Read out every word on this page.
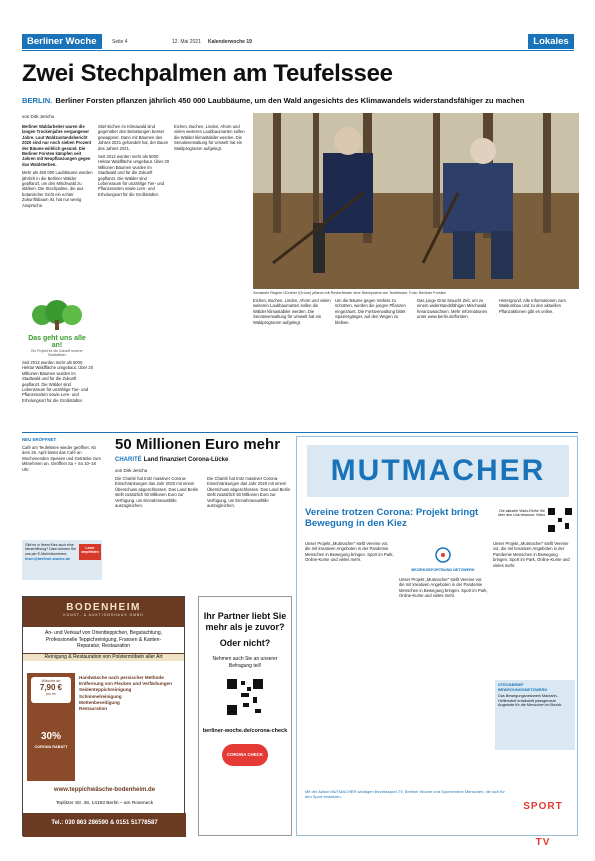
Berliner Woche	Seite 4	12. Mai 2021 Kalenderwoche 19	Lokales
Zwei Stechpalmen am Teufelssee
BERLIN. Berliner Forsten pflanzen jährlich 450 000 Laubbäume, um den Wald angesichts des Klimawandels widerstandsfähiger zu machen
von Dirk Jericho

Berliner Waldarbeiter waren die langen Trockenjahre vergangener Jahre. Laut Waldzustandsbericht 2020 sind nur noch sieben Prozent der Bäume wirklich gesund. Die Berliner Forsten kämpfen seit Jahren mit Neupflanzungen gegen das Waldsterben.

Mehr als 450 000 Laubbäume werden jährlich in die Berliner Wälder gepflanzt, um den Mischwald zu stärken. Die Stechpalme, die aus botanischer Sicht ein echter Zukunftsbaum ist, hat nur wenig Ansprüche.

Stiel-Eichen im Klimawald sind gegenüber den Belastungen besser gewappnet. Dann mit Bäumen des Jahres 2021 gehandelt hat, der Baum des Jahres 2021.

Seit 2012 wurden mehr als 5000 Hektar Waldfläche umgebaut. Über 20 Millionen Bäumen wurden im Stadtwald und für die Zukunft gepflanzt. Die Wälder sind Lebensraum für unzählige Tier- und Pflanzenarten sowie Lern- und Erholungsort für die Großstädter.

Eichen, Buchen, Linden, Ahorn und vielen weiteren Laubbaumarten sollen die Wälder klimastabiler werden. Die Senatsverwaltung für Umwelt hat ein Waldprogramm aufgelegt.

Senatorin Regine Günther (Grüne) pflanzt mit Revierförster eine Stechpalme am Teufelssee. Foto: Berliner Forsten

Eichen, Buchen, Linden, Ahorn und vielen weiteren Laubbaumarten sollen die Wälder klimastabiler werden. Die Senatsverwaltung für Umwelt hat ein Waldprogramm aufgelegt.

Um die Bäume gegen Verbiss zu schützen, werden die jungen Pflanzen eingezäunt. Die Forstverwaltung bittet Spaziergänger, auf den Wegen zu bleiben.

Das junge Grün braucht Zeit, um zu einem widerstandsfähigen Mischwald heranzuwachsen. Mehr Informationen unter www.berlin.de/forsten.

Hintergrund: Alle Informationen zum Waldumbau und zu den aktuellen Pflanzaktionen gibt es online.

Das geht uns alle an!
Ein Projekt für die Zukunft unserer Stadtwälder

Seit 2012 wurden mehr als 5000 Hektar Waldfläche umgebaut. Über 20 Millionen Bäumen wurden im Stadtwald und für die Zukunft gepflanzt. Die Wälder sind Lebensraum für unzählige Tier- und Pflanzenarten sowie Lern- und Erholungsort für die Großstädter.

NEU ERÖFFNET
Café am Teufelssee wieder geöffnet. Ab dem 26. April bietet das Café an Wochenenden Speisen und Getränke zum Mitnehmen an. Geöffnet Sa + So 10–18 Uhr.
50 Millionen Euro mehr
CHARITÉ Land finanziert Corona-Lücke
von Dirk Jericho

Die Charité hat trotz massiver Corona-Einschränkungen das Jahr 2020 mit einem Überschuss abgeschlossen. Das Land Berlin stellt zusätzlich 50 Millionen Euro zur Verfügung, um Einnahmeausfälle auszugleichen.

Die Charité hat trotz massiver Corona-Einschränkungen das Jahr 2020 mit einem Überschuss abgeschlossen. Das Land Berlin stellt zusätzlich 50 Millionen Euro zur Verfügung, um Einnahmeausfälle auszugleichen.

Gibt es in Ihrem Kiez auch eine Neueröffnung? Dann können Sie uns per E-Mail informieren:
leser@berliner-woche.de
Leser empfehlen
BODENHEIM
KUNST- & AUKTIONSHAUS GMBH
An- und Verkauf von Orientteppichen, Begutachtung,
Professionelle Teppichreinigung, Fransen & Kanten-
Reparatur, Restauration
Reinigung & Restauration von Polstermöbeln aller Art
Wäsche ab
7,90 €
pro m²
30%
CORONA RABATT
Handwäsche nach persischer Methode
Entfernung von Flecken und Verfärbungen
Seidenteppichreinigung
Schimmelreinigung
Mottenbeseitigung
Restauration
www.teppichwäsche-bodenheim.de
Teplitzer Str. 38, 14193 Berlin – am Roseneck
Tel.: 030 863 286590 & 0151 51778587
Ihr Partner liebt Sie mehr als je zuvor?
Oder nicht?
Nehmen auch Sie an unserer Befragung teil!
berliner-woche.de/corona-check
CORONA CHECK
MUTMACHER
Vereine trotzen Corona: Projekt bringt Bewegung in den Kiez
Die aktuelle Video-Reihe Sie über den Link bewusst: Video
Unser Projekt „Mutmacher“ stellt Vereine vor, die mit kreativen Angeboten in der Pandemie Menschen in Bewegung bringen. Sport im Park, Online-Kurse und vieles mehr.
BEZIRKSSPORTBUND NETZWERK
Unser Projekt „Mutmacher“ stellt Vereine vor, die mit kreativen Angeboten in der Pandemie Menschen in Bewegung bringen. Sport im Park, Online-Kurse und vieles mehr.
Unser Projekt „Mutmacher“ stellt Vereine vor, die mit kreativen Angeboten in der Pandemie Menschen in Bewegung bringen. Sport im Park, Online-Kurse und vieles mehr.
STECKBRIEF BEWEGUNGSNETZWERK
Das Bewegungsnetzwerk Marzahn-Hellersdorf entwickelt passgenaue Angebote für die Menschen im Bezirk.
Mit der Aktion MUTMACHER würdigen Bezirkssport.TV, Berliner Woche und Sportvereine Menschen, die sich für den Sport einsetzen.
SPORT TV
